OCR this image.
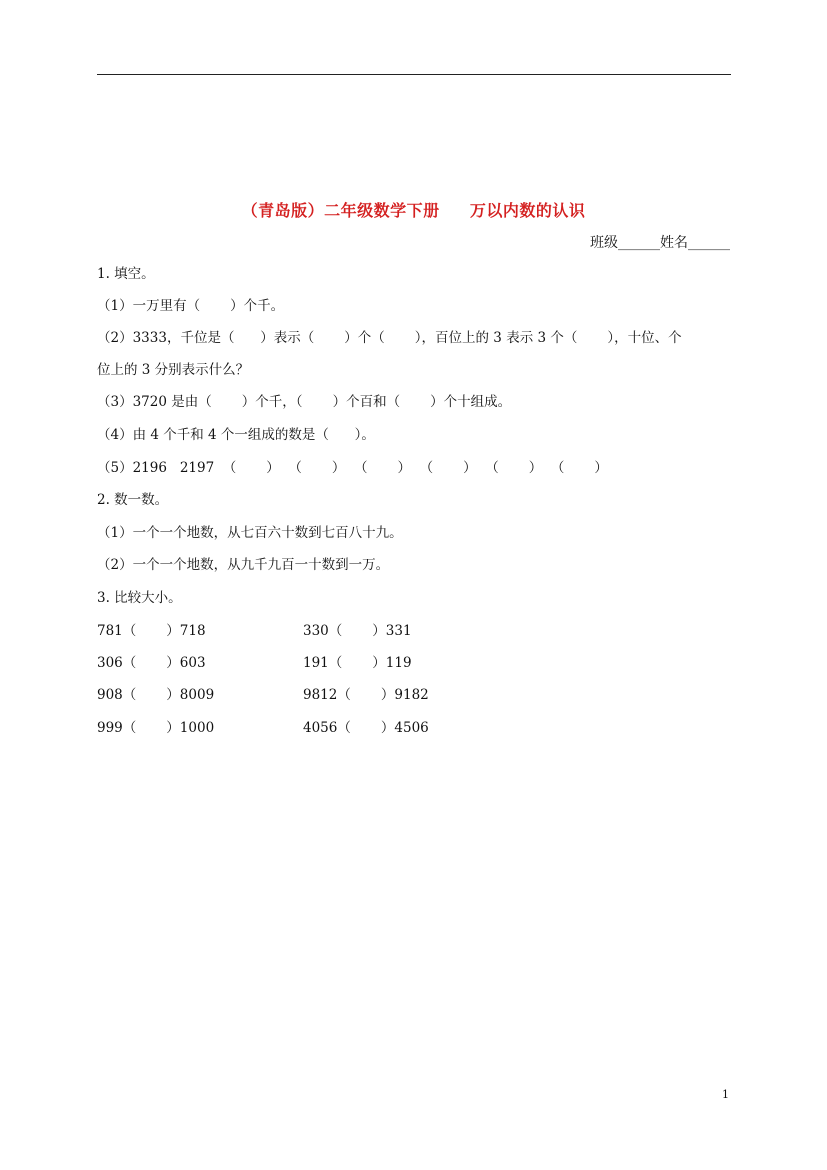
（青岛版）二年级数学下册     万以内数的认识
班级______姓名______
1. 填空。
（1）一万里有（       ）个千。
（2）3333，千位是（      ）表示（       ）个（       ），百位上的 3 表示 3 个（       ），十位、个
位上的 3 分别表示什么？
（3）3720 是由（       ）个千，（       ）个百和（       ）个十组成。
（4）由 4 个千和 4 个一组成的数是（      ）。
（5）2196   2197  （       ）  （       ）  （       ）  （       ）  （       ）  （       ）
2. 数一数。
（1）一个一个地数，从七百六十数到七百八十九。
（2）一个一个地数，从九千九百一十数到一万。
3. 比较大小。
781（       ）718	330（       ）331
306（       ）603	191（       ）119
908（       ）8009	9812（       ）9182
999（       ）1000	4056（       ）4506
1
